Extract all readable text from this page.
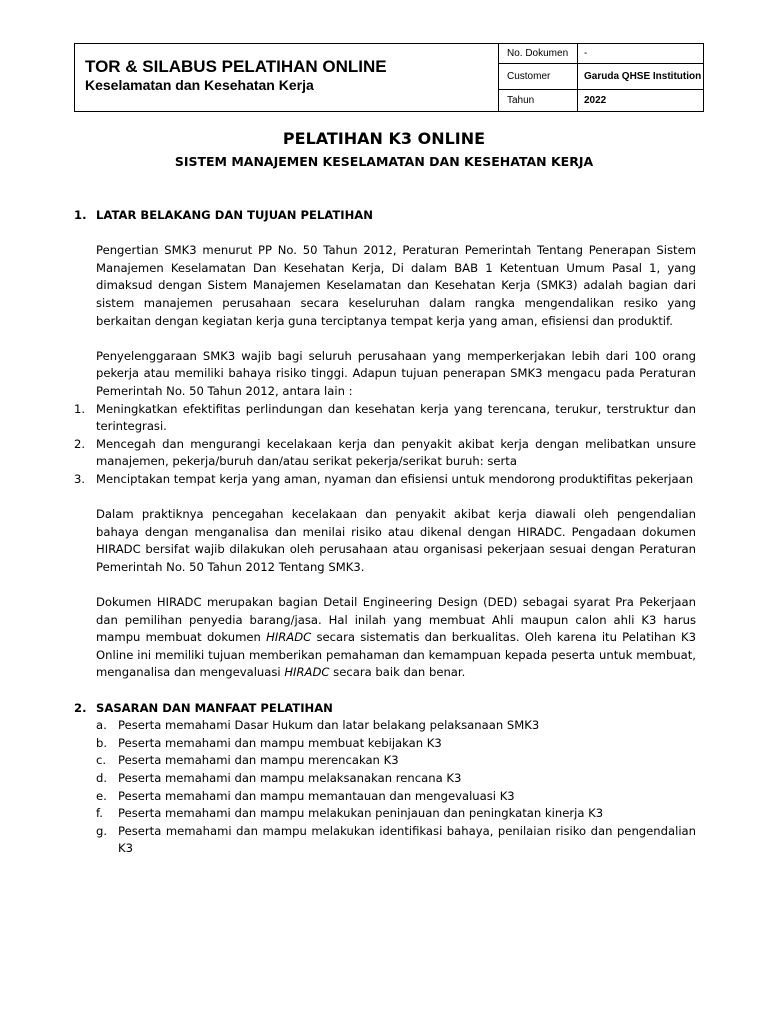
TOR & SILABUS PELATIHAN ONLINE
Keselamatan dan Kesehatan Kerja
No. Dokumen	-
Customer	Garuda QHSE Institution
Tahun	2022
PELATIHAN K3 ONLINE
SISTEM MANAJEMEN KESELAMATAN DAN KESEHATAN KERJA
1. LATAR BELAKANG DAN TUJUAN PELATIHAN

Pengertian SMK3 menurut PP No. 50 Tahun 2012, Peraturan Pemerintah Tentang Penerapan Sistem Manajemen Keselamatan Dan Kesehatan Kerja, Di dalam BAB 1 Ketentuan Umum Pasal 1, yang dimaksud dengan Sistem Manajemen Keselamatan dan Kesehatan Kerja (SMK3) adalah bagian dari sistem manajemen perusahaan secara keseluruhan dalam rangka mengendalikan resiko yang berkaitan dengan kegiatan kerja guna terciptanya tempat kerja yang aman, efisiensi dan produktif.

Penyelenggaraan SMK3 wajib bagi seluruh perusahaan yang memperkerjakan lebih dari 100 orang pekerja atau memiliki bahaya risiko tinggi. Adapun tujuan penerapan SMK3 mengacu pada Peraturan Pemerintah No. 50 Tahun 2012, antara lain :

1. Meningkatkan efektifitas perlindungan dan kesehatan kerja yang terencana, terukur, terstruktur dan terintegrasi.
2. Mencegah dan mengurangi kecelakaan kerja dan penyakit akibat kerja dengan melibatkan unsure manajemen, pekerja/buruh dan/atau serikat pekerja/serikat buruh: serta
3. Menciptakan tempat kerja yang aman, nyaman dan efisiensi untuk mendorong produktifitas pekerjaan

Dalam praktiknya pencegahan kecelakaan dan penyakit akibat kerja diawali oleh pengendalian bahaya dengan menganalisa dan menilai risiko atau dikenal dengan HIRADC. Pengadaan dokumen HIRADC bersifat wajib dilakukan oleh perusahaan atau organisasi pekerjaan sesuai dengan Peraturan Pemerintah No. 50 Tahun 2012 Tentang SMK3.

Dokumen HIRADC merupakan bagian Detail Engineering Design (DED) sebagai syarat Pra Pekerjaan dan pemilihan penyedia barang/jasa. Hal inilah yang membuat Ahli maupun calon ahli K3 harus mampu membuat dokumen HIRADC secara sistematis dan berkualitas. Oleh karena itu Pelatihan K3 Online ini memiliki tujuan memberikan pemahaman dan kemampuan kepada peserta untuk membuat, menganalisa dan mengevaluasi HIRADC secara baik dan benar.

2. SASARAN DAN MANFAAT PELATIHAN
a. Peserta memahami Dasar Hukum dan latar belakang pelaksanaan SMK3
b. Peserta memahami dan mampu membuat kebijakan K3
c.	Peserta memahami dan mampu merencakan K3
d. Peserta memahami dan mampu melaksanakan rencana K3
e. Peserta memahami dan mampu memantauan dan mengevaluasi K3
f.	Peserta memahami dan mampu melakukan peninjauan dan peningkatan kinerja K3
g. Peserta memahami dan mampu melakukan identifikasi bahaya, penilaian risiko dan pengendalian K3
